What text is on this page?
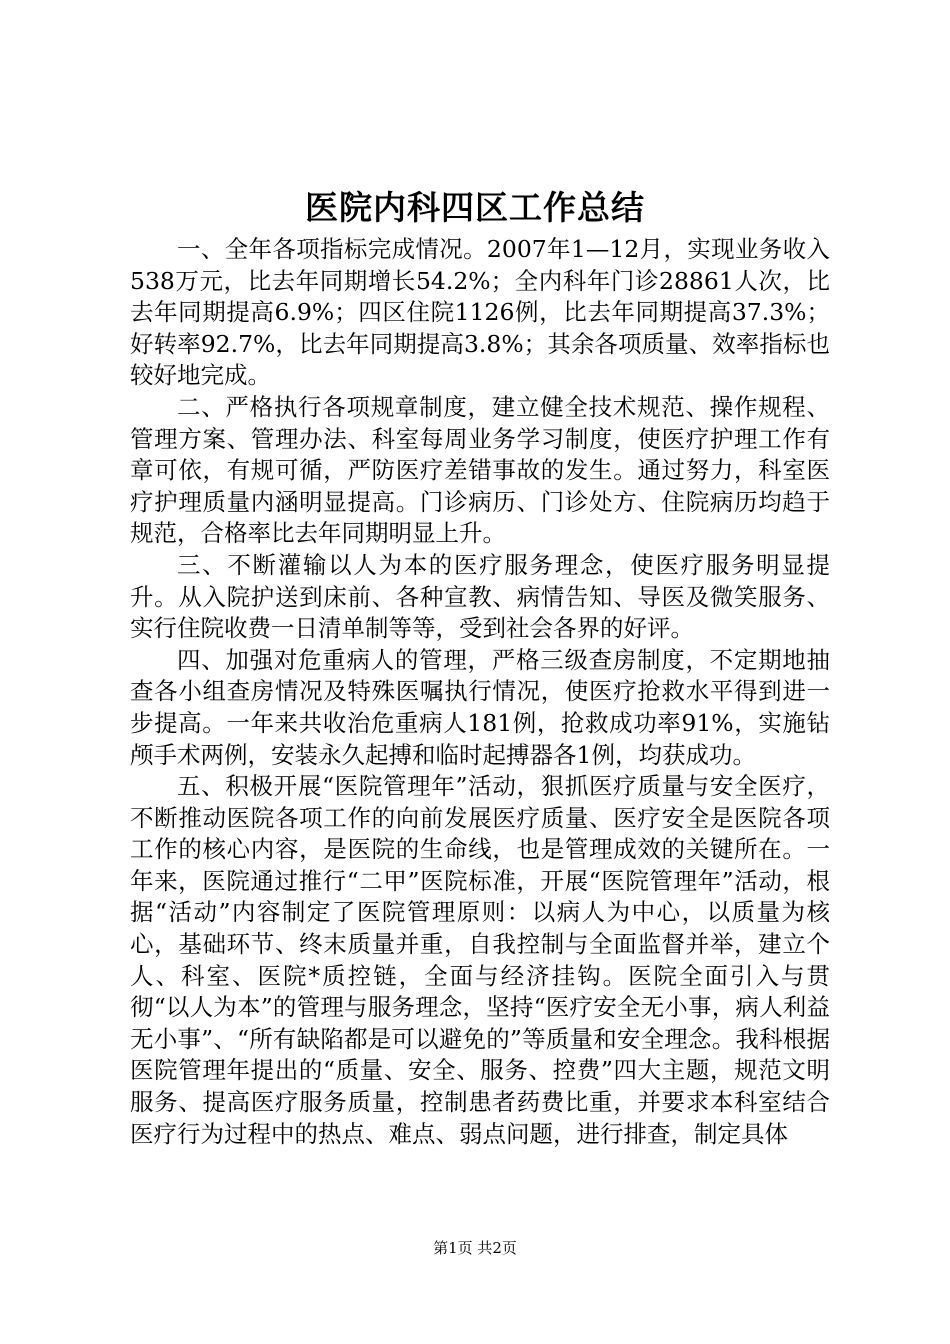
医院内科四区工作总结

一、全年各项指标完成情况。2007年1—12月，实现业务收入538万元，比去年同期增长54.2%；全内科年门诊28861人次，比去年同期提高6.9%；四区住院1126例，比去年同期提高37.3%；好转率92.7%，比去年同期提高3.8%；其余各项质量、效率指标也较好地完成。

二、严格执行各项规章制度，建立健全技术规范、操作规程、管理方案、管理办法、科室每周业务学习制度，使医疗护理工作有章可依，有规可循，严防医疗差错事故的发生。通过努力，科室医疗护理质量内涵明显提高。门诊病历、门诊处方、住院病历均趋于规范，合格率比去年同期明显上升。

三、不断灌输以人为本的医疗服务理念，使医疗服务明显提升。从入院护送到床前、各种宣教、病情告知、导医及微笑服务、实行住院收费一日清单制等等，受到社会各界的好评。

四、加强对危重病人的管理，严格三级查房制度，不定期地抽查各小组查房情况及特殊医嘱执行情况，使医疗抢救水平得到进一步提高。一年来共收治危重病人181例，抢救成功率91%，实施钻颅手术两例，安装永久起搏和临时起搏器各1例，均获成功。

五、积极开展“医院管理年”活动，狠抓医疗质量与安全医疗，不断推动医院各项工作的向前发展医疗质量、医疗安全是医院各项工作的核心内容，是医院的生命线，也是管理成效的关键所在。一年来，医院通过推行“二甲”医院标准，开展“医院管理年”活动，根据“活动”内容制定了医院管理原则：以病人为中心，以质量为核心，基础环节、终末质量并重，自我控制与全面监督并举，建立个人、科室、医院*质控链，全面与经济挂钩。医院全面引入与贯彻“以人为本”的管理与服务理念，坚持“医疗安全无小事，病人利益无小事”、“所有缺陷都是可以避免的”等质量和安全理念。我科根据医院管理年提出的“质量、安全、服务、控费”四大主题，规范文明服务、提高医疗服务质量，控制患者药费比重，并要求本科室结合医疗行为过程中的热点、难点、弱点问题，进行排查，制定具体

第1页 共2页
